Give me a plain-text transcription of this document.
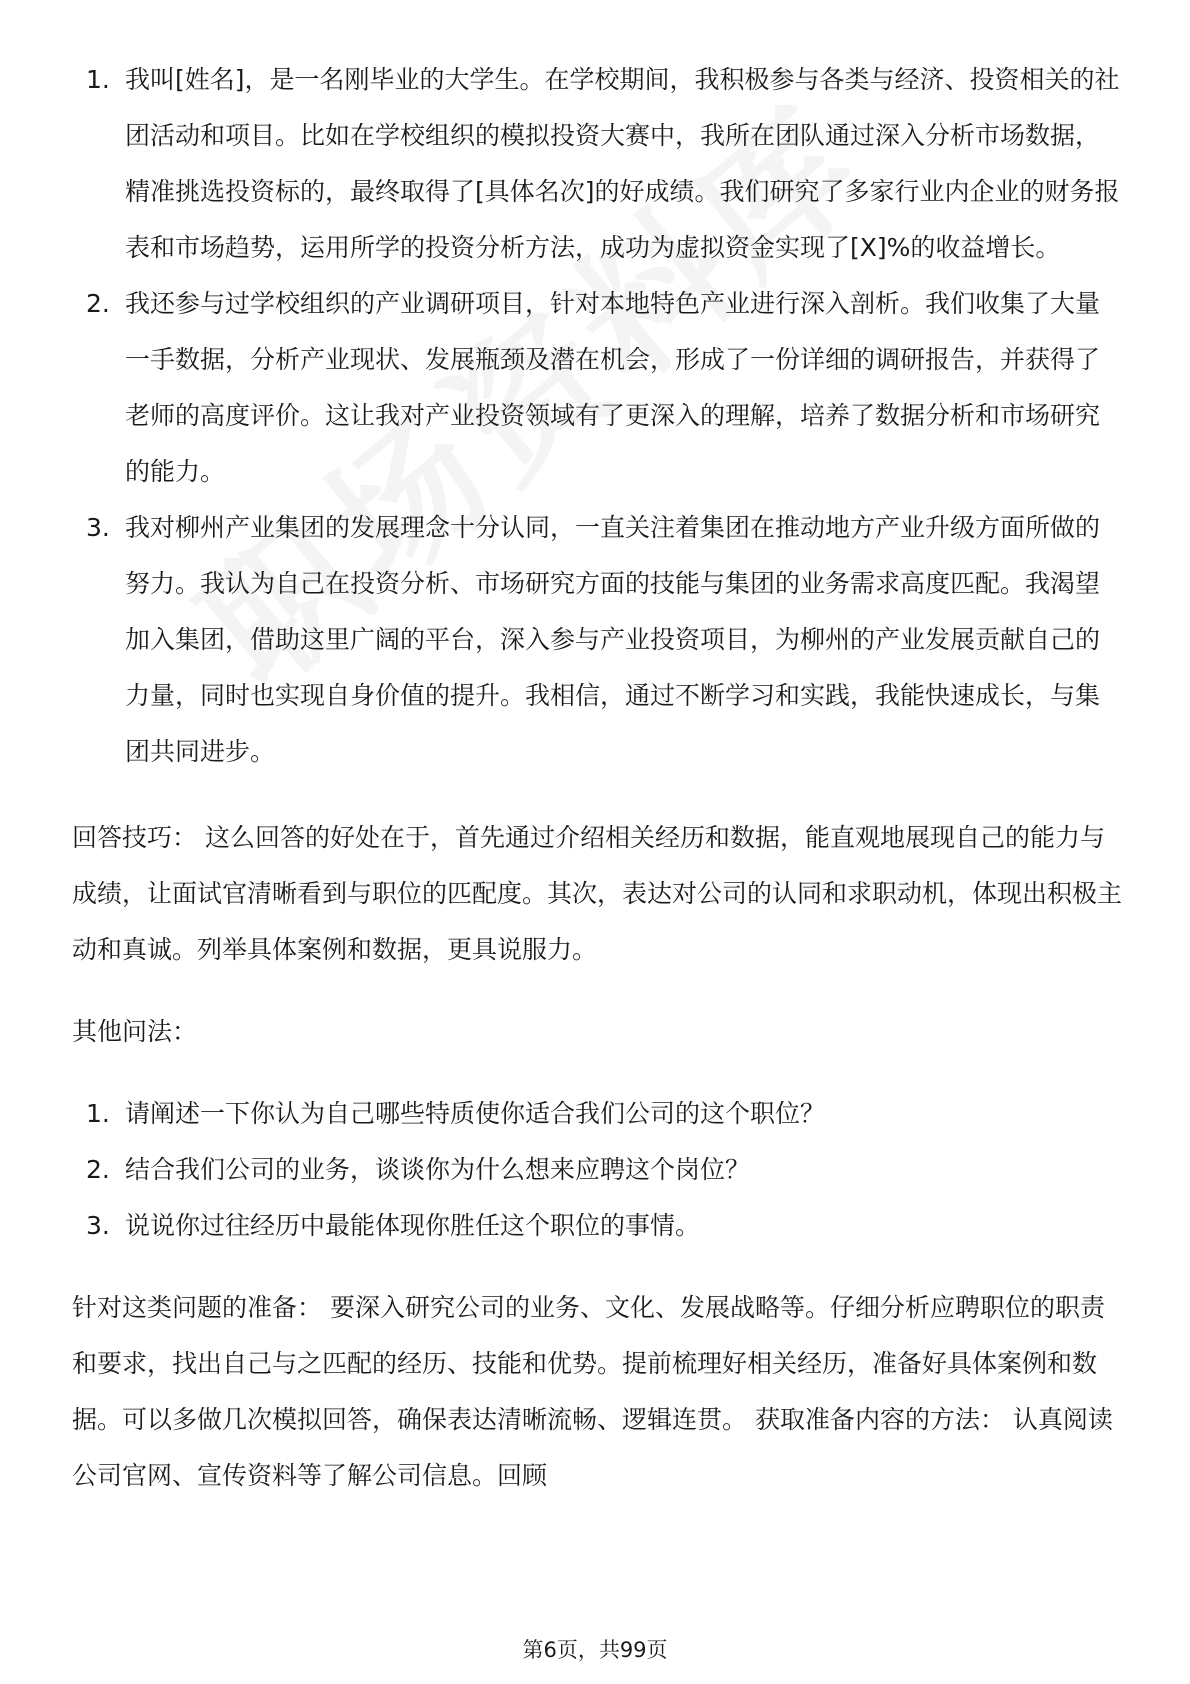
1. 我叫[姓名]，是一名刚毕业的大学生。在学校期间，我积极参与各类与经济、投资相关的社团活动和项目。比如在学校组织的模拟投资大赛中，我所在团队通过深入分析市场数据，精准挑选投资标的，最终取得了[具体名次]的好成绩。我们研究了多家行业内企业的财务报表和市场趋势，运用所学的投资分析方法，成功为虚拟资金实现了[X]%的收益增长。
2. 我还参与过学校组织的产业调研项目，针对本地特色产业进行深入剖析。我们收集了大量一手数据，分析产业现状、发展瓶颈及潜在机会，形成了一份详细的调研报告，并获得了老师的高度评价。这让我对产业投资领域有了更深入的理解，培养了数据分析和市场研究的能力。
3. 我对柳州产业集团的发展理念十分认同，一直关注着集团在推动地方产业升级方面所做的努力。我认为自己在投资分析、市场研究方面的技能与集团的业务需求高度匹配。我渴望加入集团，借助这里广阔的平台，深入参与产业投资项目，为柳州的产业发展贡献自己的力量，同时也实现自身价值的提升。我相信，通过不断学习和实践，我能快速成长，与集团共同进步。

回答技巧： 这么回答的好处在于，首先通过介绍相关经历和数据，能直观地展现自己的能力与成绩，让面试官清晰看到与职位的匹配度。其次，表达对公司的认同和求职动机，体现出积极主动和真诚。列举具体案例和数据，更具说服力。

其他问法：

1. 请阐述一下你认为自己哪些特质使你适合我们公司的这个职位？
2. 结合我们公司的业务，谈谈你为什么想来应聘这个岗位？
3. 说说你过往经历中最能体现你胜任这个职位的事情。

针对这类问题的准备： 要深入研究公司的业务、文化、发展战略等。仔细分析应聘职位的职责和要求，找出自己与之匹配的经历、技能和优势。提前梳理好相关经历，准备好具体案例和数据。可以多做几次模拟回答，确保表达清晰流畅、逻辑连贯。 获取准备内容的方法： 认真阅读公司官网、宣传资料等了解公司信息。回顾

第6页，共99页
